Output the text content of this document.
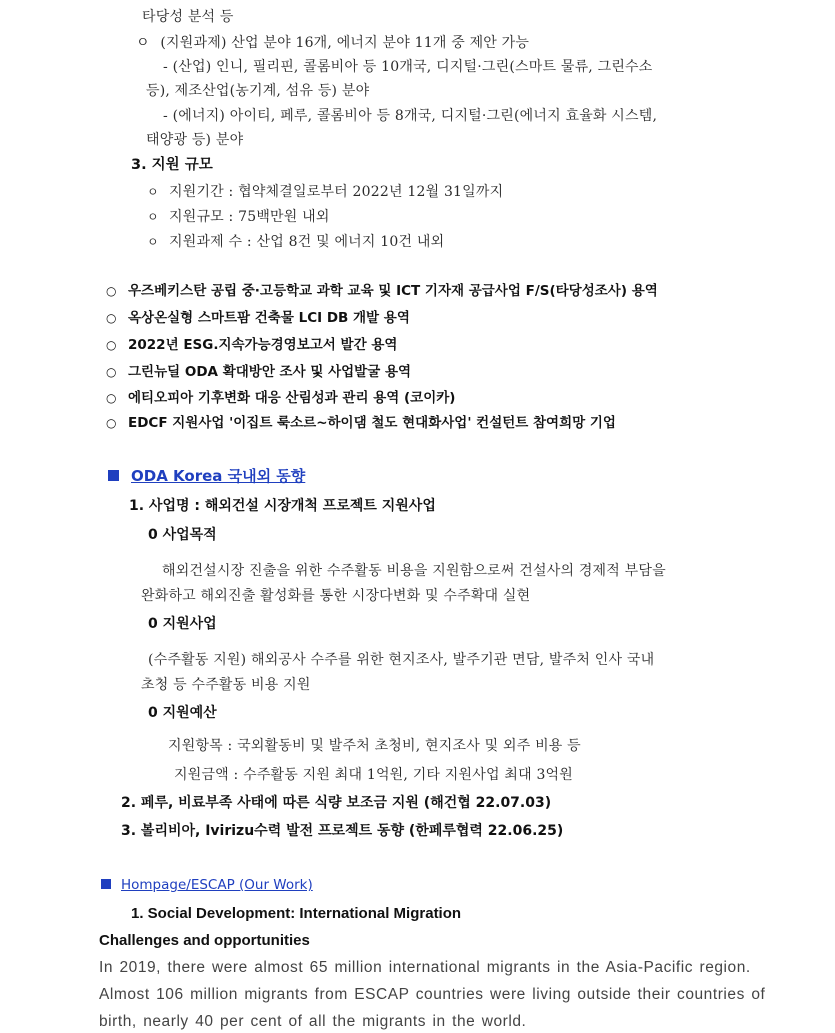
타당성 분석 등
ㅇ (지원과제) 산업 분야 16개, 에너지 분야 11개 중 제안 가능
- (산업) 인니, 필리핀, 콜롬비아 등 10개국, 디지털·그린(스마트 물류, 그린수소
등), 제조산업(농기계, 섬유 등) 분야
- (에너지) 아이티, 페루, 콜롬비아 등 8개국, 디지털·그린(에너지 효율화 시스템,
태양광 등) 분야
3. 지원 규모
ㅇ 지원기간 : 협약체결일로부터 2022년 12월 31일까지
ㅇ 지원규모 : 75백만원 내외
ㅇ 지원과제 수 : 산업 8건 및 에너지 10건 내외
○ 우즈베키스탄 공립 중·고등학교 과학 교육 및 ICT 기자재 공급사업 F/S(타당성조사) 용역
○ 옥상온실형 스마트팜 건축물 LCI DB 개발 용역
○ 2022년 ESG.지속가능경영보고서 발간 용역
○ 그린뉴딜 ODA 확대방안 조사 및 사업발굴 용역
○ 에티오피아 기후변화 대응 산림성과 관리 용역 (코이카)
○ EDCF 지원사업 '이집트 룩소르~하이댐 철도 현대화사업' 컨설턴트 참여희망 기업
ODA Korea 국내외 동향
1. 사업명 : 해외건설 시장개척 프로젝트 지원사업
0 사업목적
해외건설시장 진출을 위한 수주활동 비용을 지원함으로써 건설사의 경제적 부담을
완화하고 해외진출 활성화를 통한 시장다변화 및 수주확대 실현
0 지원사업
(수주활동 지원) 해외공사 수주를 위한 현지조사, 발주기관 면담, 발주처 인사 국내
초청 등 수주활동 비용 지원
0 지원예산
지원항목 : 국외활동비 및 발주처 초청비, 현지조사 및 외주 비용 등
지원금액 : 수주활동 지원 최대 1억원, 기타 지원사업 최대 3억원
2. 페루, 비료부족 사태에 따른 식량 보조금 지원 (해건협 22.07.03)
3. 볼리비아, Ivirizu수력 발전 프로젝트 동향 (한페루협력 22.06.25)
Hompage/ESCAP (Our Work)
1. Social Development: International Migration
Challenges and opportunities
In 2019, there were almost 65 million international migrants in the Asia-Pacific region.
Almost 106 million migrants from ESCAP countries were living outside their countries of
birth, nearly 40 per cent of all the migrants in the world.
